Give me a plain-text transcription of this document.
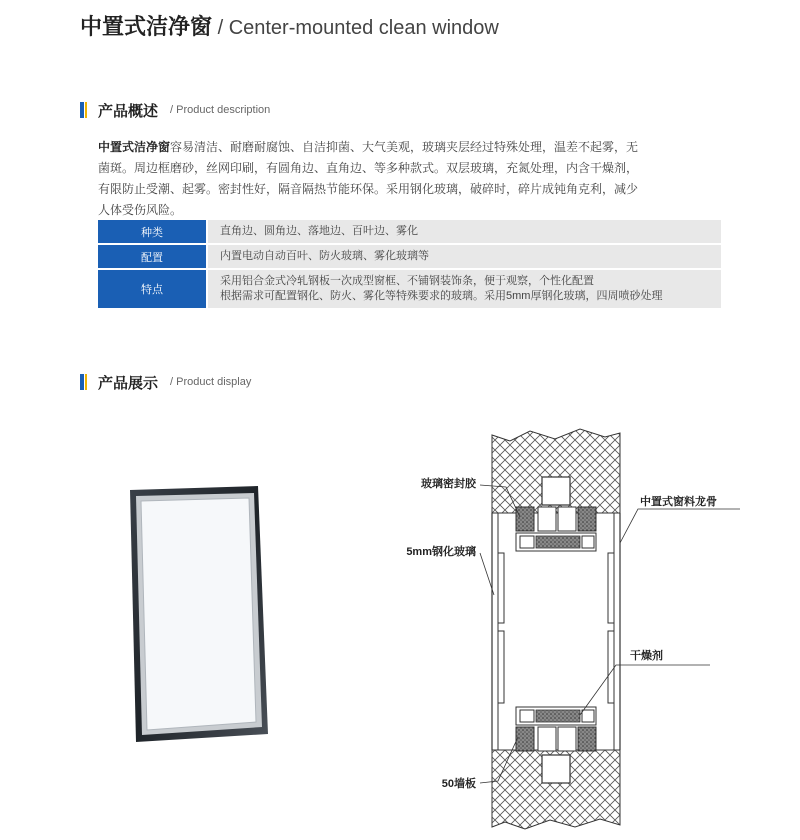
中置式洁净窗 / Center-mounted clean window
产品概述 / Product description
中置式洁净窗容易清洁、耐磨耐腐蚀、自洁抑菌、大气美观，玻璃夹层经过特殊处理，温差不起雾，无菌斑。周边框磨砂，丝网印刷，有圆角边、直角边、等多种款式。双层玻璃，充氮处理，内含干燥剂，有限防止受潮、起雾。密封性好，隔音隔热节能环保。采用钢化玻璃，破碎时，碎片成钝角克利，减少人体受伤风险。
种类	直角边、圆角边、落地边、百叶边、雾化
配置	内置电动自动百叶、防火玻璃、雾化玻璃等
特点
采用铝合金式冷轧钢板一次成型窗框、不铺钢装饰条，便于观察，个性化配置
根据需求可配置钢化、防火、雾化等特殊要求的玻璃。采用5mm厚钢化玻璃，四周喷砂处理
产品展示 / Product display
玻璃密封胶
5mm钢化玻璃
中置式窗料龙骨
干燥剂
50墙板
